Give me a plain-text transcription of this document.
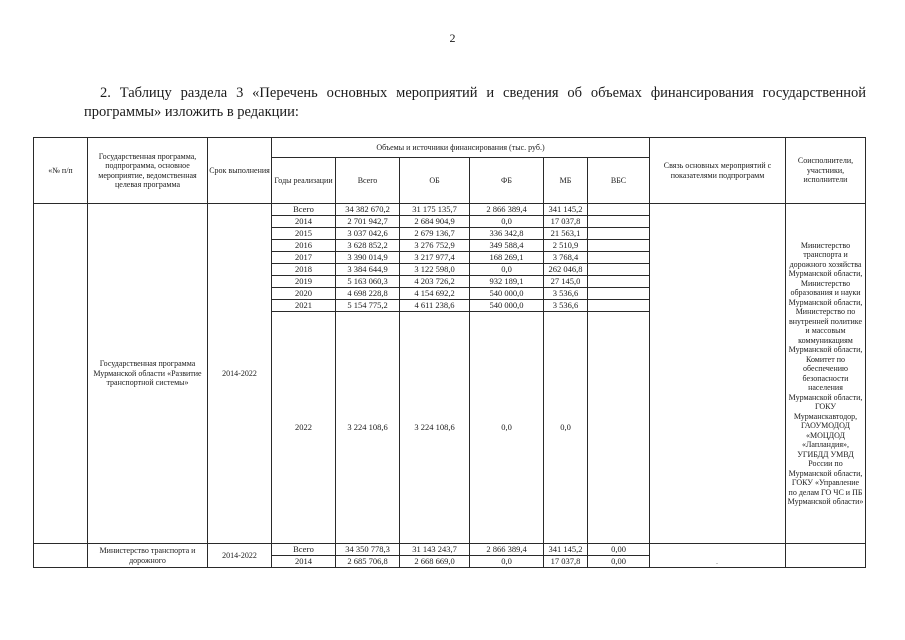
2
2. Таблицу раздела 3 «Перечень основных мероприятий и сведения об объемах финансирования государственной программы» изложить в редакции:
«№ п/п	Государственная программа, подпрограмма, основное мероприятие, ведомственная целевая программа	Срок выполнения	Объемы и источники финансирования (тыс. руб.)						Связь основных мероприятий с показателями подпрограмм	Соисполнители, участники, исполнители
			Годы реализации	Всего	ОБ	ФБ	МБ	ВБС		
	Государственная программа Мурманской области «Развитие транспортной системы»	2014-2022	Всего	34 382 670,2	31 175 135,7	2 866 389,4	341 145,2			Министерство транспорта и дорожного хозяйства Мурманской области, Министерство образования и науки Мурманской области, Министерство по внутренней политике и массовым коммуникациям Мурманской области, Комитет по обеспечению безопасности населения Мурманской области, ГОКУ Мурманскавтодор, ГАОУМОДОД «МОЦДОД «Лапландия», УГИБДД УМВД России по Мурманской области, ГОКУ «Управление по делам ГО ЧС и ПБ Мурманской области»
			2014	2 701 942,7	2 684 904,9	0,0	17 037,8			
			2015	3 037 042,6	2 679 136,7	336 342,8	21 563,1			
			2016	3 628 852,2	3 276 752,9	349 588,4	2 510,9			
			2017	3 390 014,9	3 217 977,4	168 269,1	3 768,4			
			2018	3 384 644,9	3 122 598,0	0,0	262 046,8			
			2019	5 163 060,3	4 203 726,2	932 189,1	27 145,0			
			2020	4 698 228,8	4 154 692,2	540 000,0	3 536,6			
			2021	5 154 775,2	4 611 238,6	540 000,0	3 536,6			
			2022	3 224 108,6	3 224 108,6	0,0	0,0			
	Министерство транспорта и дорожного	2014-2022	Всего	34 350 778,3	31 143 243,7	2 866 389,4	341 145,2	0,00		
			2014	2 685 706,8	2 668 669,0	0,0	17 037,8	0,00		
.
.
